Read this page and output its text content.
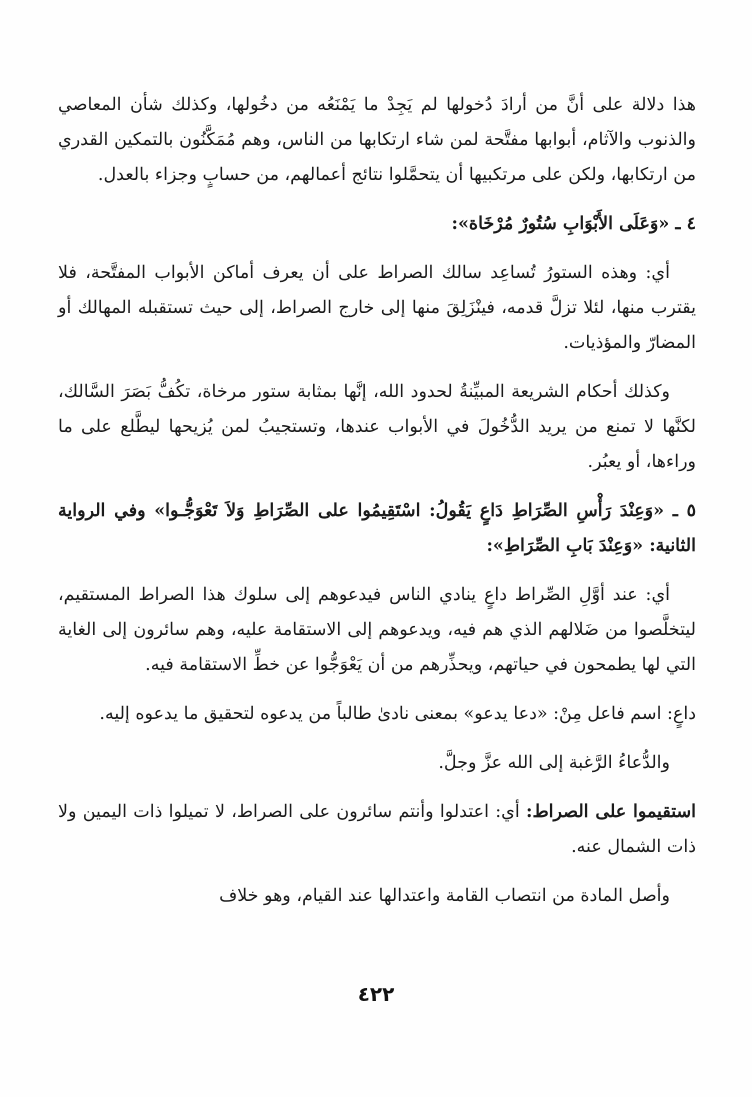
هذا دلالة على أنَّ من أرادَ دُخولها لم يَجِدْ ما يَمْنَعُه من دخُولها، وكذلك شأن المعاصي والذنوب والآثام، أبوابها مفتَّحة لمن شاء ارتكابها من الناس، وهم مُمَكَّنُون بالتمكين القدري من ارتكابها، ولكن على مرتكبيها أن يتحمَّلوا نتائج أعمالهم، من حسابٍ وجزاء بالعدل.

٤ ـ «وَعَلَى الأَبْوَابِ سُتُورٌ مُرْخَاة»:

أي: وهذه الستورُ تُساعِد سالك الصراط على أن يعرف أماكن الأبواب المفتَّحة، فلا يقترب منها، لئلا تزلَّ قدمه، فينْزَلِقَ منها إلى خارج الصراط، إلى حيث تستقبله المهالك أو المضارّ والمؤذيات.

وكذلك أحكام الشريعة المبيِّنةُ لحدود الله، إنَّها بمثابة ستور مرخاة، تكُفُّ بَصَرَ السَّالك، لكنَّها لا تمنع من يريد الدُّخُولَ في الأبواب عندها، وتستجيبُ لمن يُزيحها ليطَّلع على ما وراءها، أو يعبُر.

٥ ـ «وَعِنْدَ رَأْسِ الصِّرَاطِ دَاعٍ يَقُولُ: اسْتَقِيمُوا على الصِّرَاطِ وَلاَ تَعْوَجُّـوا» وفي الرواية الثانية: «وَعِنْدَ بَابِ الصِّرَاطِ»:

أي: عند أوَّلِ الصِّراط داعٍ ينادي الناس فيدعوهم إلى سلوك هذا الصراط المستقيم، ليتخلَّصوا من ضَلالهم الذي هم فيه، ويدعوهم إلى الاستقامة عليه، وهم سائرون إلى الغاية التي لها يطمحون في حياتهم، ويحذِّرهم من أن يَعْوَجُّوا عن خطِّ الاستقامة فيه.

داعٍ: اسم فاعل مِنْ: «دعا يدعو» بمعنى نادىٰ طالباً من يدعوه لتحقيق ما يدعوه إليه.

والدُّعاءُ الرَّغبة إلى الله عزَّ وجلَّ.

استقيموا على الصراط: أي: اعتدلوا وأنتم سائرون على الصراط، لا تميلوا ذات اليمين ولا ذات الشمال عنه.

وأصل المادة من انتصاب القامة واعتدالها عند القيام، وهو خلاف

٤٢٢
